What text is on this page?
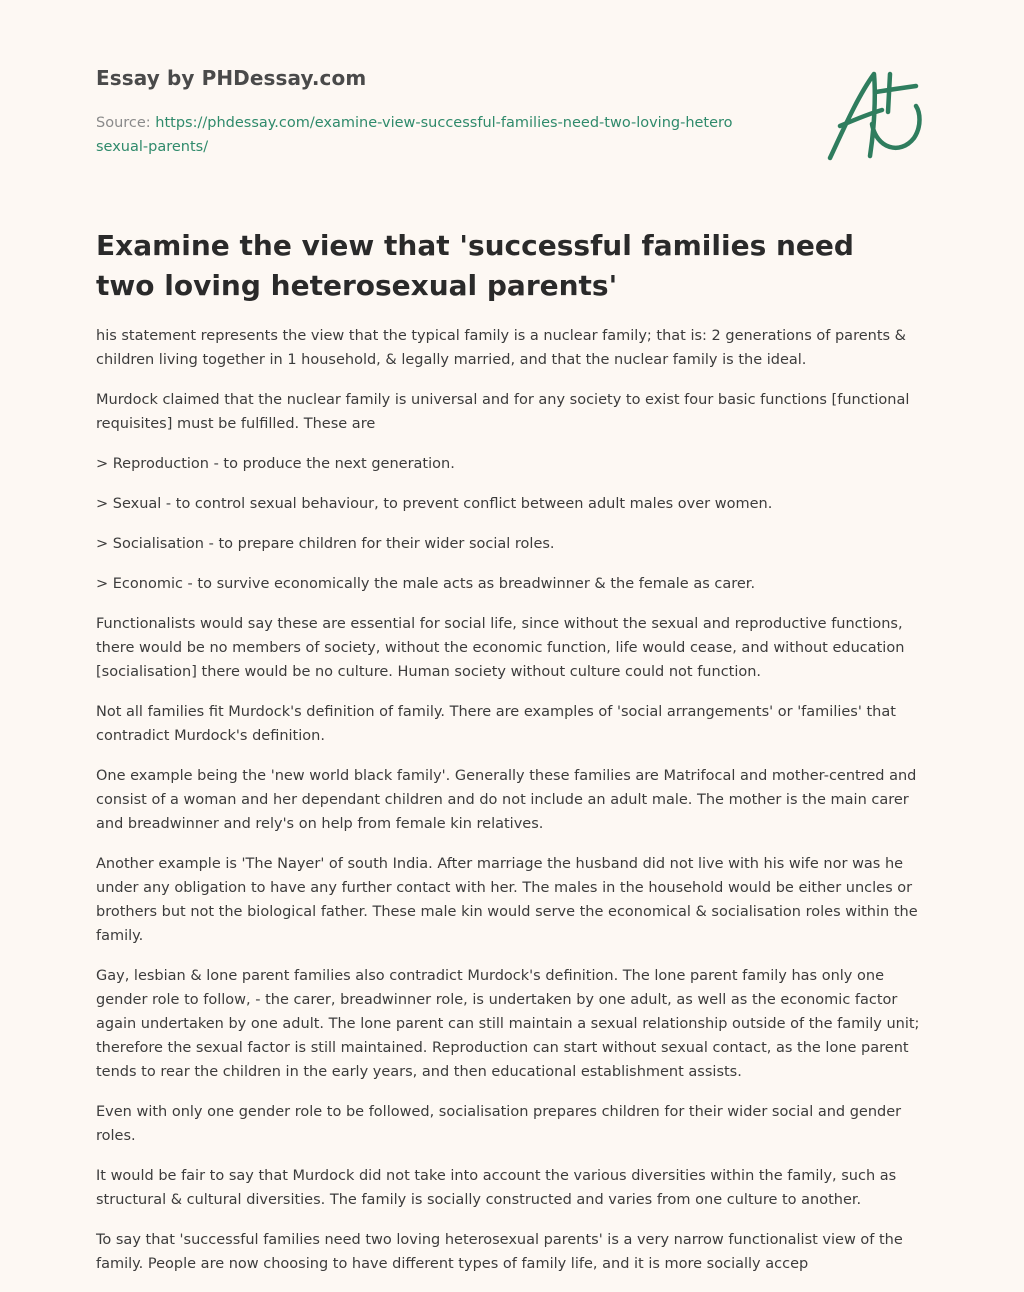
Essay by PHDessay.com
Source: https://phdessay.com/examine-view-successful-families-need-two-loving-heterosexual-parents/
Examine the view that 'successful families need two loving heterosexual parents'

his statement represents the view that the typical family is a nuclear family; that is: 2 generations of parents & children living together in 1 household, & legally married, and that the nuclear family is the ideal.

Murdock claimed that the nuclear family is universal and for any society to exist four basic functions [functional requisites] must be fulfilled. These are

> Reproduction - to produce the next generation.

> Sexual - to control sexual behaviour, to prevent conflict between adult males over women.

> Socialisation - to prepare children for their wider social roles.

> Economic - to survive economically the male acts as breadwinner & the female as carer.

Functionalists would say these are essential for social life, since without the sexual and reproductive functions, there would be no members of society, without the economic function, life would cease, and without education [socialisation] there would be no culture. Human society without culture could not function.

Not all families fit Murdock's definition of family. There are examples of 'social arrangements' or 'families' that contradict Murdock's definition.

One example being the 'new world black family'. Generally these families are Matrifocal and mother-centred and consist of a woman and her dependant children and do not include an adult male. The mother is the main carer and breadwinner and rely's on help from female kin relatives.

Another example is 'The Nayer' of south India. After marriage the husband did not live with his wife nor was he under any obligation to have any further contact with her. The males in the household would be either uncles or brothers but not the biological father. These male kin would serve the economical & socialisation roles within the family.

Gay, lesbian & lone parent families also contradict Murdock's definition. The lone parent family has only one gender role to follow, - the carer, breadwinner role, is undertaken by one adult, as well as the economic factor again undertaken by one adult. The lone parent can still maintain a sexual relationship outside of the family unit; therefore the sexual factor is still maintained. Reproduction can start without sexual contact, as the lone parent tends to rear the children in the early years, and then educational establishment assists.

Even with only one gender role to be followed, socialisation prepares children for their wider social and gender roles.

It would be fair to say that Murdock did not take into account the various diversities within the family, such as structural & cultural diversities. The family is socially constructed and varies from one culture to another.

To say that 'successful families need two loving heterosexual parents' is a very narrow functionalist view of the family. People are now choosing to have different types of family life, and it is more socially accep
